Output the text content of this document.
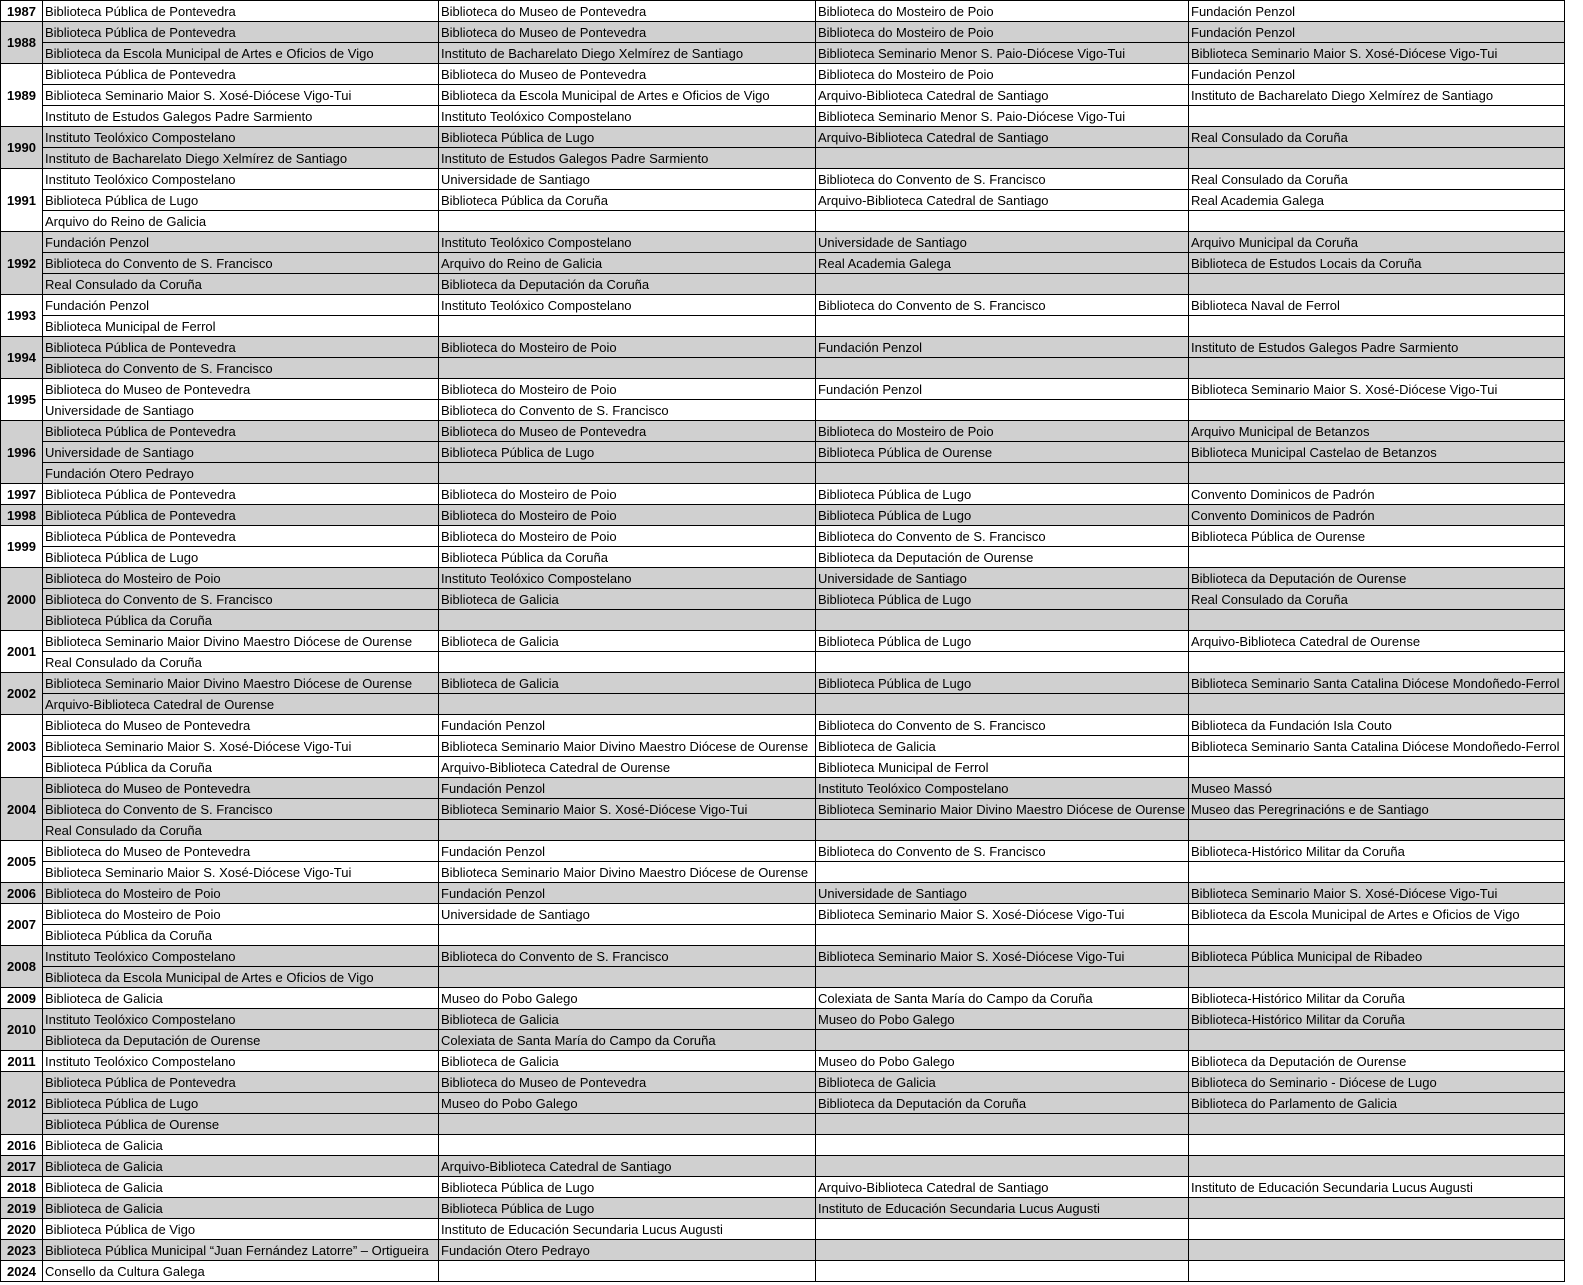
1987	Biblioteca Pública de Pontevedra	Biblioteca do Museo de Pontevedra	Biblioteca do Mosteiro de Poio	Fundación Penzol
1988	Biblioteca Pública de Pontevedra	Biblioteca do Museo de Pontevedra	Biblioteca do Mosteiro de Poio	Fundación Penzol
	Biblioteca da Escola Municipal de Artes e Oficios de Vigo	Instituto de Bacharelato Diego Xelmírez de Santiago	Biblioteca Seminario Menor S. Paio-Diócese Vigo-Tui	Biblioteca Seminario Maior S. Xosé-Diócese Vigo-Tui
1989	Biblioteca Pública de Pontevedra	Biblioteca do Museo de Pontevedra	Biblioteca do Mosteiro de Poio	Fundación Penzol
	Biblioteca Seminario Maior S. Xosé-Diócese Vigo-Tui	Biblioteca da Escola Municipal de Artes e Oficios de Vigo	Arquivo-Biblioteca Catedral de Santiago	Instituto de Bacharelato Diego Xelmírez de Santiago
	Instituto de Estudos Galegos Padre Sarmiento	Instituto Teolóxico Compostelano	Biblioteca Seminario Menor S. Paio-Diócese Vigo-Tui	
1990	Instituto Teolóxico Compostelano	Biblioteca Pública de Lugo	Arquivo-Biblioteca Catedral de Santiago	Real Consulado da Coruña
	Instituto de Bacharelato Diego Xelmírez de Santiago	Instituto de Estudos Galegos Padre Sarmiento		
1991	Instituto Teolóxico Compostelano	Universidade de Santiago	Biblioteca do Convento de S. Francisco	Real Consulado da Coruña
	Biblioteca Pública de Lugo	Biblioteca Pública da Coruña	Arquivo-Biblioteca Catedral de Santiago	Real Academia Galega
	Arquivo do Reino de Galicia			
1992	Fundación Penzol	Instituto Teolóxico Compostelano	Universidade de Santiago	Arquivo Municipal da Coruña
	Biblioteca do Convento de S. Francisco	Arquivo do Reino de Galicia	Real Academia Galega	Biblioteca de Estudos Locais da Coruña
	Real Consulado da Coruña	Biblioteca da Deputación da Coruña		
1993	Fundación Penzol	Instituto Teolóxico Compostelano	Biblioteca do Convento de S. Francisco	Biblioteca Naval de Ferrol
	Biblioteca Municipal de Ferrol			
1994	Biblioteca Pública de Pontevedra	Biblioteca do Mosteiro de Poio	Fundación Penzol	Instituto de Estudos Galegos Padre Sarmiento
	Biblioteca do Convento de S. Francisco			
1995	Biblioteca do Museo de Pontevedra	Biblioteca do Mosteiro de Poio	Fundación Penzol	Biblioteca Seminario Maior S. Xosé-Diócese Vigo-Tui
	Universidade de Santiago	Biblioteca do Convento de S. Francisco		
1996	Biblioteca Pública de Pontevedra	Biblioteca do Museo de Pontevedra	Biblioteca do Mosteiro de Poio	Arquivo Municipal de Betanzos
	Universidade de Santiago	Biblioteca Pública de Lugo	Biblioteca Pública de Ourense	Biblioteca Municipal Castelao de Betanzos
	Fundación Otero Pedrayo			
1997	Biblioteca Pública de Pontevedra	Biblioteca do Mosteiro de Poio	Biblioteca Pública de Lugo	Convento Dominicos de Padrón
1998	Biblioteca Pública de Pontevedra	Biblioteca do Mosteiro de Poio	Biblioteca Pública de Lugo	Convento Dominicos de Padrón
1999	Biblioteca Pública de Pontevedra	Biblioteca do Mosteiro de Poio	Biblioteca do Convento de S. Francisco	Biblioteca Pública de Ourense
	Biblioteca Pública de Lugo	Biblioteca Pública da Coruña	Biblioteca da Deputación de Ourense	
2000	Biblioteca do Mosteiro de Poio	Instituto Teolóxico Compostelano	Universidade de Santiago	Biblioteca da Deputación de Ourense
	Biblioteca do Convento de S. Francisco	Biblioteca de Galicia	Biblioteca Pública de Lugo	Real Consulado da Coruña
	Biblioteca Pública da Coruña			
2001	Biblioteca Seminario Maior Divino Maestro Diócese de Ourense	Biblioteca de Galicia	Biblioteca Pública de Lugo	Arquivo-Biblioteca Catedral de Ourense
	Real Consulado da Coruña			
2002	Biblioteca Seminario Maior Divino Maestro Diócese de Ourense	Biblioteca de Galicia	Biblioteca Pública de Lugo	Biblioteca Seminario Santa Catalina Diócese Mondoñedo-Ferrol
	Arquivo-Biblioteca Catedral de Ourense			
2003	Biblioteca do Museo de Pontevedra	Fundación Penzol	Biblioteca do Convento de S. Francisco	Biblioteca da Fundación Isla Couto
	Biblioteca Seminario Maior S. Xosé-Diócese Vigo-Tui	Biblioteca Seminario Maior Divino Maestro Diócese de Ourense	Biblioteca de Galicia	Biblioteca Seminario Santa Catalina Diócese Mondoñedo-Ferrol
	Biblioteca Pública da Coruña	Arquivo-Biblioteca Catedral de Ourense	Biblioteca Municipal de Ferrol	
2004	Biblioteca do Museo de Pontevedra	Fundación Penzol	Instituto Teolóxico Compostelano	Museo Massó
	Biblioteca do Convento de S. Francisco	Biblioteca Seminario Maior S. Xosé-Diócese Vigo-Tui	Biblioteca Seminario Maior Divino Maestro Diócese de Ourense	Museo das Peregrinacións e de Santiago
	Real Consulado da Coruña			
2005	Biblioteca do Museo de Pontevedra	Fundación Penzol	Biblioteca do Convento de S. Francisco	Biblioteca-Histórico Militar da Coruña
	Biblioteca Seminario Maior S. Xosé-Diócese Vigo-Tui	Biblioteca Seminario Maior Divino Maestro Diócese de Ourense		
2006	Biblioteca do Mosteiro de Poio	Fundación Penzol	Universidade de Santiago	Biblioteca Seminario Maior S. Xosé-Diócese Vigo-Tui
2007	Biblioteca do Mosteiro de Poio	Universidade de Santiago	Biblioteca Seminario Maior S. Xosé-Diócese Vigo-Tui	Biblioteca da Escola Municipal de Artes e Oficios de Vigo
	Biblioteca Pública da Coruña			
2008	Instituto Teolóxico Compostelano	Biblioteca do Convento de S. Francisco	Biblioteca Seminario Maior S. Xosé-Diócese Vigo-Tui	Biblioteca Pública Municipal de Ribadeo
	Biblioteca da Escola Municipal de Artes e Oficios de Vigo			
2009	Biblioteca de Galicia	Museo do Pobo Galego	Colexiata de Santa María do Campo da Coruña	Biblioteca-Histórico Militar da Coruña
2010	Instituto Teolóxico Compostelano	Biblioteca de Galicia	Museo do Pobo Galego	Biblioteca-Histórico Militar da Coruña
	Biblioteca da Deputación de Ourense	Colexiata de Santa María do Campo da Coruña		
2011	Instituto Teolóxico Compostelano	Biblioteca de Galicia	Museo do Pobo Galego	Biblioteca da Deputación de Ourense
2012	Biblioteca Pública de Pontevedra	Biblioteca do Museo de Pontevedra	Biblioteca de Galicia	Biblioteca do Seminario - Diócese de Lugo
	Biblioteca Pública de Lugo	Museo do Pobo Galego	Biblioteca da Deputación da Coruña	Biblioteca do Parlamento de Galicia
	Biblioteca Pública de Ourense			
2016	Biblioteca de Galicia			
2017	Biblioteca de Galicia	Arquivo-Biblioteca Catedral de Santiago		
2018	Biblioteca de Galicia	Biblioteca Pública de Lugo	Arquivo-Biblioteca Catedral de Santiago	Instituto de Educación Secundaria Lucus Augusti
2019	Biblioteca de Galicia	Biblioteca Pública de Lugo	Instituto de Educación Secundaria Lucus Augusti	
2020	Biblioteca Pública de Vigo	Instituto de Educación Secundaria Lucus Augusti		
2023	Biblioteca Pública Municipal “Juan Fernández Latorre” – Ortigueira	Fundación Otero Pedrayo		
2024	Consello da Cultura Galega			
